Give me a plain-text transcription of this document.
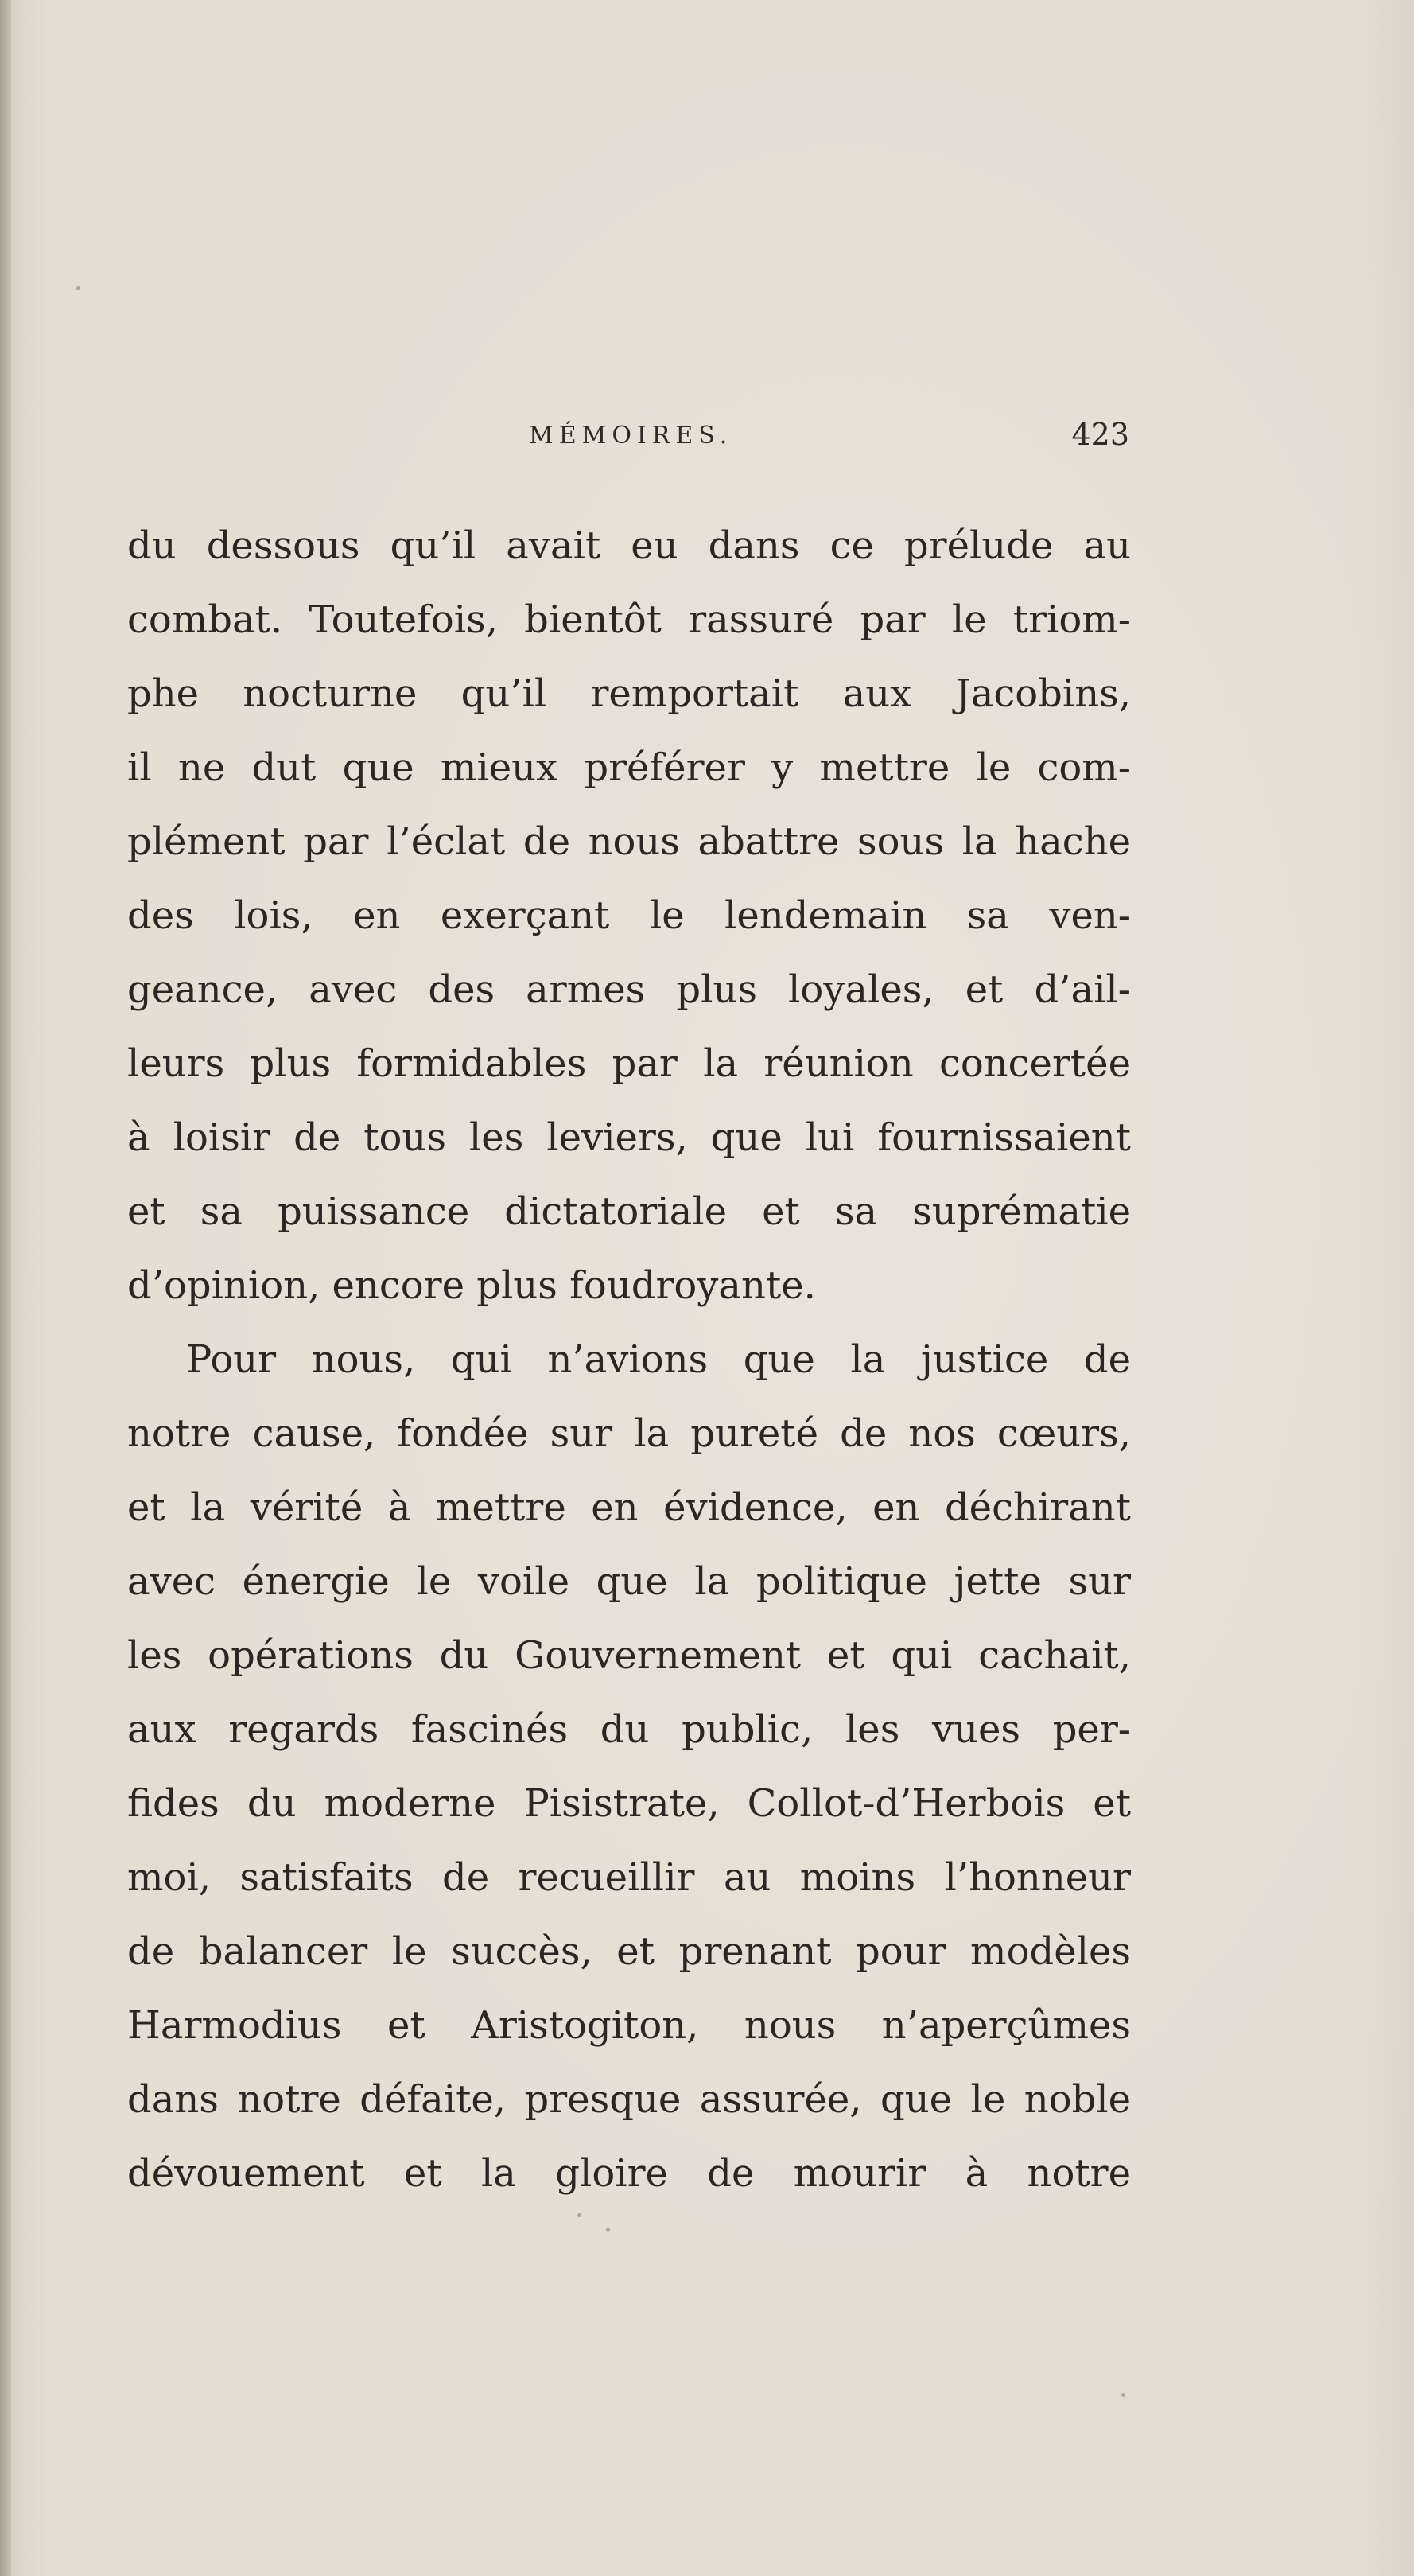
MÉMOIRES.	423
du dessous qu’il avait eu dans ce prélude au
combat. Toutefois, bientôt rassuré par le triom-
phe nocturne qu’il remportait aux Jacobins,
il ne dut que mieux préférer y mettre le com-
plément par l’éclat de nous abattre sous la hache
des lois, en exerçant le lendemain sa ven-
geance, avec des armes plus loyales, et d’ail-
leurs plus formidables par la réunion concertée
à loisir de tous les leviers, que lui fournissaient
et sa puissance dictatoriale et sa suprématie
d’opinion, encore plus foudroyante.
Pour nous, qui n’avions que la justice de
notre cause, fondée sur la pureté de nos cœurs,
et la vérité à mettre en évidence, en déchirant
avec énergie le voile que la politique jette sur
les opérations du Gouvernement et qui cachait,
aux regards fascinés du public, les vues per-
fides du moderne Pisistrate, Collot-d’Herbois et
moi, satisfaits de recueillir au moins l’honneur
de balancer le succès, et prenant pour modèles
Harmodius et Aristogiton, nous n’aperçûmes
dans notre défaite, presque assurée, que le noble
dévouement et la gloire de mourir à notre
